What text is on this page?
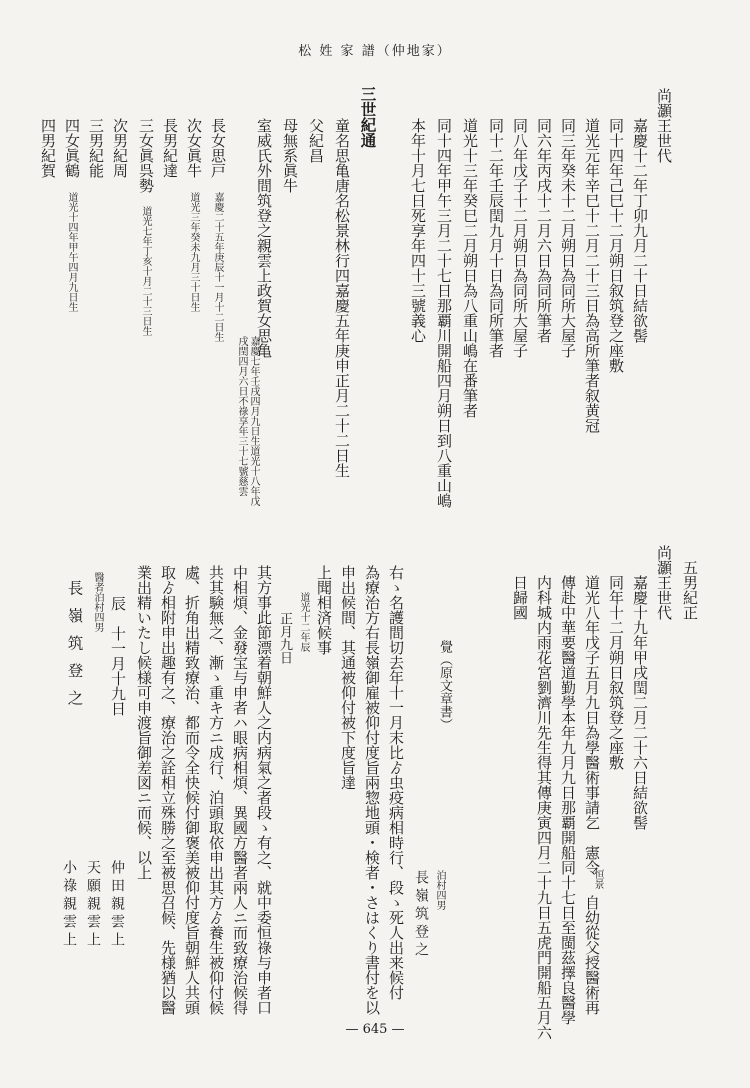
松 姓 家 譜（仲地家）
尚灝王世代
嘉慶十二年丁卯九月二十日結欲髻
同十四年己巳十二月朔日叙筑登之座敷
道光元年辛巳十二月二十三日為高所筆者叙黄冠
同三年癸未十二月朔日為同所大屋子
同六年丙戌十二月六日為同所筆者
同八年戊子十二月朔日為同所大屋子
同十二年壬辰閏九月十日為同所筆者
道光十三年癸巳二月朔日為八重山嶋在番筆者
同十四年甲午三月二十七日那覇川開船四月朔日到八重山嶋
本年十月七日死享年四十三號義心
三世紀通
童名思亀唐名松景林行四嘉慶五年庚申正月二十二日生
父紀昌
母無系眞牛
室威氏外間筑登之親雲上政賀女思亀
嘉慶七年壬戌四月九日生道光十八年戊
戌閏四月六日不祿享年三十七號慈雲
長女思戸
嘉慶二十五年庚辰十一月十二日生
次女眞牛
道光三年癸未九月三十日生
長男紀達
三女眞呉勢
道光七年丁亥十月二十三日生
次男紀周
三男紀能
四女眞鶴
道光十四年甲午四月九日生
四男紀賀
五男紀正
尚灝王世代
嘉慶十九年甲戌閏二月二十六日結欲髻
同年十二月朔日叙筑登之座敷
道光八年戊子五月九日為學醫術事請乞　憲令
恒景
自幼從父授醫術再
傳赴中華要醫道勤學本年九月九日那覇開船同十七日至閩茲擇良醫學
内科城内雨花宮劉濟川先生得其傳庚寅四月二十九日五虎門開船五月六
日歸國
覺（原文章書）
泊村四男
長嶺筑登之
右ゝ名護間切去年十一月末比ゟ虫疫病相時行、段ゝ死人出来候付
為療治方右長嶺御雇被仰付度旨兩惣地頭・検者・さはくり書付を以
申出候間、其通被仰付被下度旨達
上聞相済候事
道光十二年辰
正月九日
其方事此節漂着朝鮮人之内病氣之者段ゝ有之、就中委恒祿与申者口
中相煩、金發宝与申者ハ眼病相煩、異國方醫者兩人ニ而致療治候得
共其験無之、漸ゝ重キ方ニ成行、泊頭取依申出其方ゟ養生被仰付候
處、折角出精致療治、都而令全快候付御褒美被仰付度旨朝鮮人共頭
取ゟ相附申出趣有之、療治之詮相立殊勝之至被思召候、先様猶以醫
業出精いたし候様可申渡旨御差図ニ而候、以上
辰　十一月十九日
醫者泊村四男
長嶺筑登之
仲田親雲上
天願親雲上
小祿親雲上
— 645 —
